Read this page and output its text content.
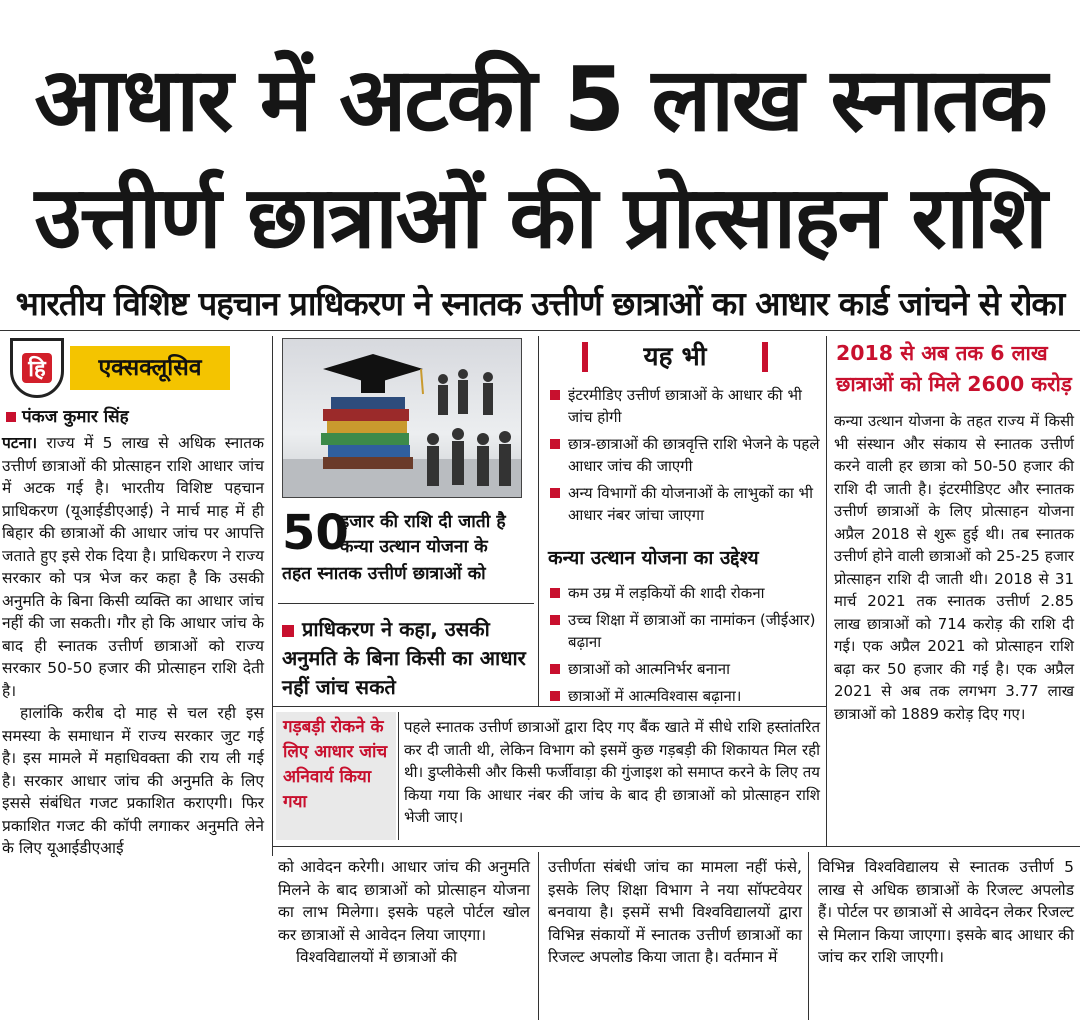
आधार में अटकी 5 लाख स्नातक
उत्तीर्ण छात्राओं की प्रोत्साहन राशि
भारतीय विशिष्ट पहचान प्राधिकरण ने स्नातक उत्तीर्ण छात्राओं का आधार कार्ड जांचने से रोका
हि	एक्सक्लूसिव
पंकज कुमार सिंह

पटना। राज्य में 5 लाख से अधिक स्नातक उत्तीर्ण छात्राओं की प्रोत्साहन राशि आधार जांच में अटक गई है। भारतीय विशिष्ट पहचान प्राधिकरण (यूआईडीएआई) ने मार्च माह में ही बिहार की छात्राओं की आधार जांच पर आपत्ति जताते हुए इसे रोक दिया है। प्राधिकरण ने राज्य सरकार को पत्र भेज कर कहा है कि उसकी अनुमति के बिना किसी व्यक्ति का आधार जांच नहीं की जा सकती। गौर हो कि आधार जांच के बाद ही स्नातक उत्तीर्ण छात्राओं को राज्य सरकार 50-50 हजार की प्रोत्साहन राशि देती है।

हालांकि करीब दो माह से चल रही इस समस्या के समाधान में राज्य सरकार जुट गई है। इस मामले में महाधिवक्ता की राय ली गई है। सरकार आधार जांच की अनुमति के लिए इससे संबंधित गजट प्रकाशित कराएगी। फिर प्रकाशित गजट की कॉपी लगाकर अनुमति लेने के लिए यूआईडीएआई

50
हजार की राशि दी जाती है कन्या उत्थान योजना के
तहत स्नातक उत्तीर्ण छात्राओं को
प्राधिकरण ने कहा, उसकी अनुमति के बिना किसी का आधार नहीं जांच सकते
यह भी
इंटरमीडिए उत्तीर्ण छात्राओं के आधार की भी जांच होगी
छात्र-छात्राओं की छात्रवृत्ति राशि भेजने के पहले आधार जांच की जाएगी
अन्य विभागों की योजनाओं के लाभुकों का भी आधार नंबर जांचा जाएगा
कन्या उत्थान योजना का उद्देश्य
कम उम्र में लड़कियों की शादी रोकना
उच्च शिक्षा में छात्राओं का नामांकन (जीईआर) बढ़ाना
छात्राओं को आत्मनिर्भर बनाना
छात्राओं में आत्मविश्वास बढ़ाना।
2018 से अब तक 6 लाख छात्राओं को मिले 2600 करोड़
कन्या उत्थान योजना के तहत राज्य में किसी भी संस्थान और संकाय से स्नातक उत्तीर्ण करने वाली हर छात्रा को 50-50 हजार की राशि दी जाती है। इंटरमीडिएट और स्नातक उत्तीर्ण छात्राओं के लिए प्रोत्साहन योजना अप्रैल 2018 से शुरू हुई थी। तब स्नातक उत्तीर्ण होने वाली छात्राओं को 25-25 हजार प्रोत्साहन राशि दी जाती थी। 2018 से 31 मार्च 2021 तक स्नातक उत्तीर्ण 2.85 लाख छात्राओं को 714 करोड़ की राशि दी गई। एक अप्रैल 2021 को प्रोत्साहन राशि बढ़ा कर 50 हजार की गई है। एक अप्रैल 2021 से अब तक लगभग 3.77 लाख छात्राओं को 1889 करोड़ दिए गए।
गड़बड़ी रोकने के लिए आधार जांच अनिवार्य किया गया
पहले स्नातक उत्तीर्ण छात्राओं द्वारा दिए गए बैंक खाते में सीधे राशि हस्तांतरित कर दी जाती थी, लेकिन विभाग को इसमें कुछ गड़बड़ी की शिकायत मिल रही थी। डुप्लीकेसी और किसी फर्जीवाड़ा की गुंजाइश को समाप्त करने के लिए तय किया गया कि आधार नंबर की जांच के बाद ही छात्राओं को प्रोत्साहन राशि भेजी जाए।

को आवेदन करेगी। आधार जांच की अनुमति मिलने के बाद छात्राओं को प्रोत्साहन योजना का लाभ मिलेगा। इसके पहले पोर्टल खोल कर छात्राओं से आवेदन लिया जाएगा।

विश्वविद्यालयों में छात्राओं की

उत्तीर्णता संबंधी जांच का मामला नहीं फंसे, इसके लिए शिक्षा विभाग ने नया सॉफ्टवेयर बनवाया है। इसमें सभी विश्वविद्यालयों द्वारा विभिन्न संकायों में स्नातक उत्तीर्ण छात्राओं का रिजल्ट अपलोड किया जाता है। वर्तमान में
विभिन्न विश्वविद्यालय से स्नातक उत्तीर्ण 5 लाख से अधिक छात्राओं के रिजल्ट अपलोड हैं। पोर्टल पर छात्राओं से आवेदन लेकर रिजल्ट से मिलान किया जाएगा। इसके बाद आधार की जांच कर राशि जाएगी।
